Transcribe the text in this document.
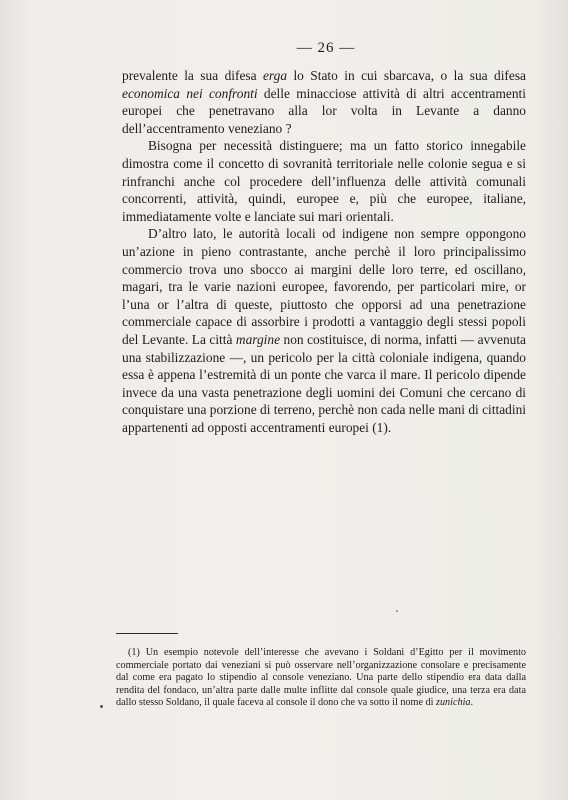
— 26 —

prevalente la sua difesa erga lo Stato in cui sbarcava, o la sua difesa economica nei confronti delle minacciose attività di altri accentramenti europei che penetravano alla lor volta in Levante a danno dell’accentramento veneziano ?

Bisogna per necessità distinguere; ma un fatto storico innegabile dimostra come il concetto di sovranità territoriale nelle colonie segua e si rinfranchi anche col procedere dell’influenza delle attività comunali concorrenti, attività, quindi, europee e, più che europee, italiane, immediatamente volte e lanciate sui mari orientali.

D’altro lato, le autorità locali od indigene non sempre oppongono un’azione in pieno contrastante, anche perchè il loro principalissimo commercio trova uno sbocco ai margini delle loro terre, ed oscillano, magari, tra le varie nazioni europee, favorendo, per particolari mire, or l’una or l’altra di queste, piuttosto che opporsi ad una penetrazione commerciale capace di assorbire i prodotti a vantaggio degli stessi popoli del Levante. La città margine non costituisce, di norma, infatti — avvenuta una stabilizzazione —, un pericolo per la città coloniale indigena, quando essa è appena l’estremità di un ponte che varca il mare. Il pericolo dipende invece da una vasta penetrazione degli uomini dei Comuni che cercano di conquistare una porzione di terreno, perchè non cada nelle mani di cittadini appartenenti ad opposti accentramenti europei (1).

(1) Un esempio notevole dell’interesse che avevano i Soldani d’Egitto per il movimento commerciale portato dai veneziani si può osservare nell’organizzazione consolare e precisamente dal come era pagato lo stipendio al console veneziano. Una parte dello stipendio era data dalla rendita del fondaco, un’altra parte dalle multe inflitte dal console quale giudice, una terza era data dallo stesso Soldano, il quale faceva al console il dono che va sotto il nome di zunichia.
